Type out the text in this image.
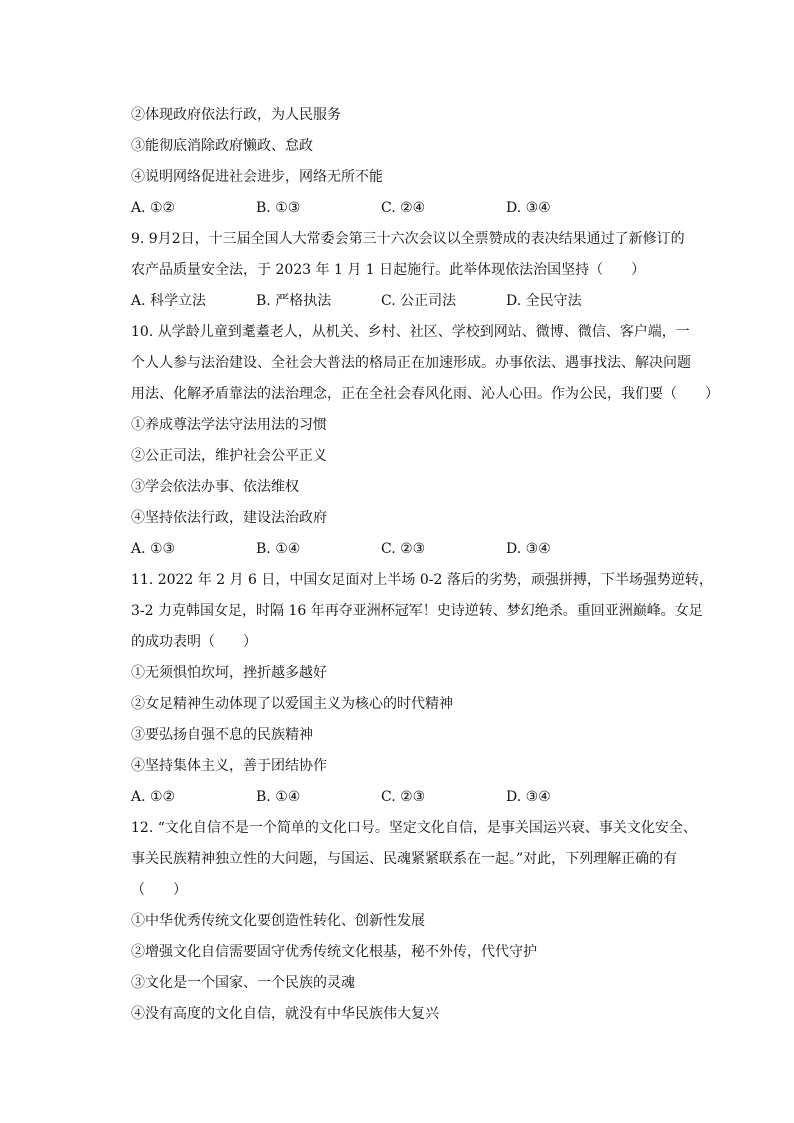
②体现政府依法行政，为人民服务
③能彻底消除政府懒政、怠政
④说明网络促进社会进步，网络无所不能
A. ①②	B. ①③	C. ②④	D. ③④
9. 9月2日，十三届全国人大常委会第三十六次会议以全票赞成的表决结果通过了新修订的
农产品质量安全法，于 2023 年 1 月 1 日起施行。此举体现依法治国坚持（　　）
A. 科学立法	B. 严格执法	C. 公正司法	D. 全民守法
10. 从学龄儿童到耄耋老人，从机关、乡村、社区、学校到网站、微博、微信、客户端，一
个人人参与法治建设、全社会大普法的格局正在加速形成。办事依法、遇事找法、解决问题
用法、化解矛盾靠法的法治理念，正在全社会春风化雨、沁人心田。作为公民，我们要（　　）
①养成尊法学法守法用法的习惯
②公正司法，维护社会公平正义
③学会依法办事、依法维权
④坚持依法行政，建设法治政府
A. ①③	B. ①④	C. ②③	D. ③④
11. 2022 年 2 月 6 日，中国女足面对上半场 0-2 落后的劣势，顽强拼搏，下半场强势逆转，
3-2 力克韩国女足，时隔 16 年再夺亚洲杯冠军！史诗逆转、梦幻绝杀。重回亚洲巅峰。女足
的成功表明（　　）
①无须惧怕坎坷，挫折越多越好
②女足精神生动体现了以爱国主义为核心的时代精神
③要弘扬自强不息的民族精神
④坚持集体主义，善于团结协作
A. ①②	B. ①④	C. ②③	D. ③④
12. “文化自信不是一个简单的文化口号。坚定文化自信，是事关国运兴衰、事关文化安全、
事关民族精神独立性的大问题，与国运、民魂紧紧联系在一起。”对此，下列理解正确的有
（　　）
①中华优秀传统文化要创造性转化、创新性发展
②增强文化自信需要固守优秀传统文化根基，秘不外传，代代守护
③文化是一个国家、一个民族的灵魂
④没有高度的文化自信，就没有中华民族伟大复兴
